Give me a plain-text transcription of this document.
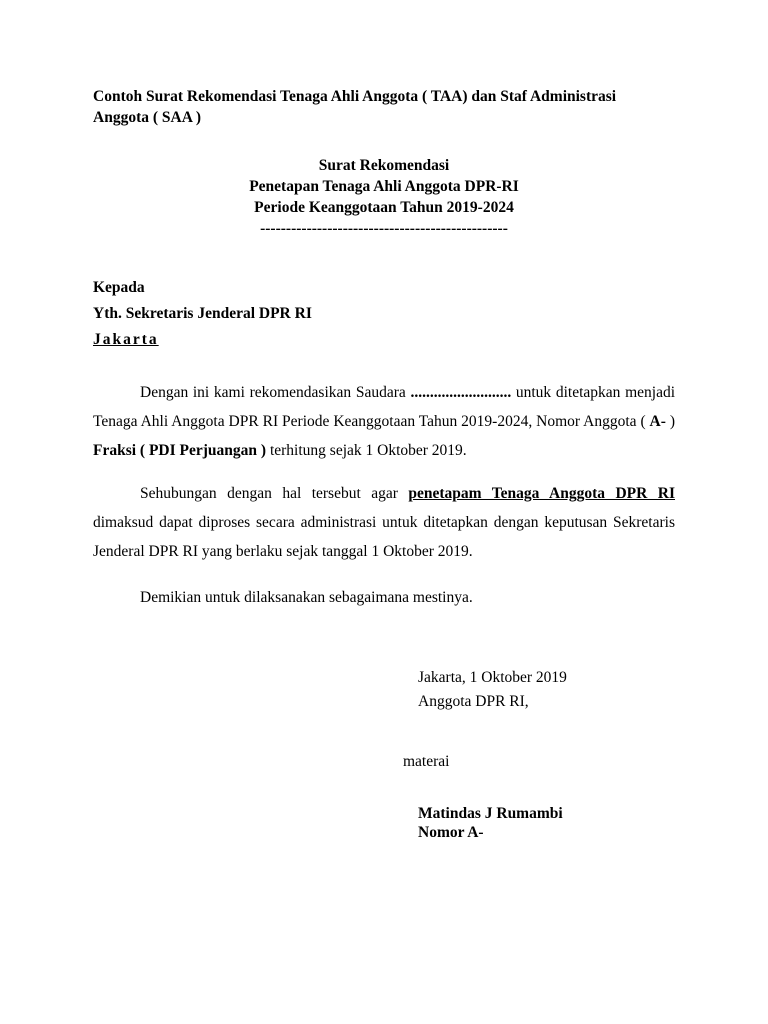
Contoh Surat Rekomendasi Tenaga Ahli Anggota ( TAA) dan Staf Administrasi Anggota ( SAA )
Surat Rekomendasi
Penetapan Tenaga Ahli Anggota DPR-RI
Periode Keanggotaan Tahun 2019-2024
------------------------------------------------
Kepada
Yth. Sekretaris Jenderal DPR RI
Jakarta
Dengan ini kami rekomendasikan Saudara .......................... untuk ditetapkan menjadi Tenaga Ahli Anggota DPR RI Periode Keanggotaan Tahun 2019-2024, Nomor Anggota ( A- ) Fraksi ( PDI Perjuangan ) terhitung sejak 1 Oktober 2019.
Sehubungan dengan hal tersebut agar penetapam Tenaga Anggota DPR RI dimaksud dapat diproses secara administrasi untuk ditetapkan dengan keputusan Sekretaris Jenderal DPR RI yang berlaku sejak tanggal 1 Oktober 2019.
Demikian untuk dilaksanakan sebagaimana mestinya.
Jakarta, 1 Oktober 2019
Anggota DPR RI,
materai
Matindas J Rumambi
Nomor A-
